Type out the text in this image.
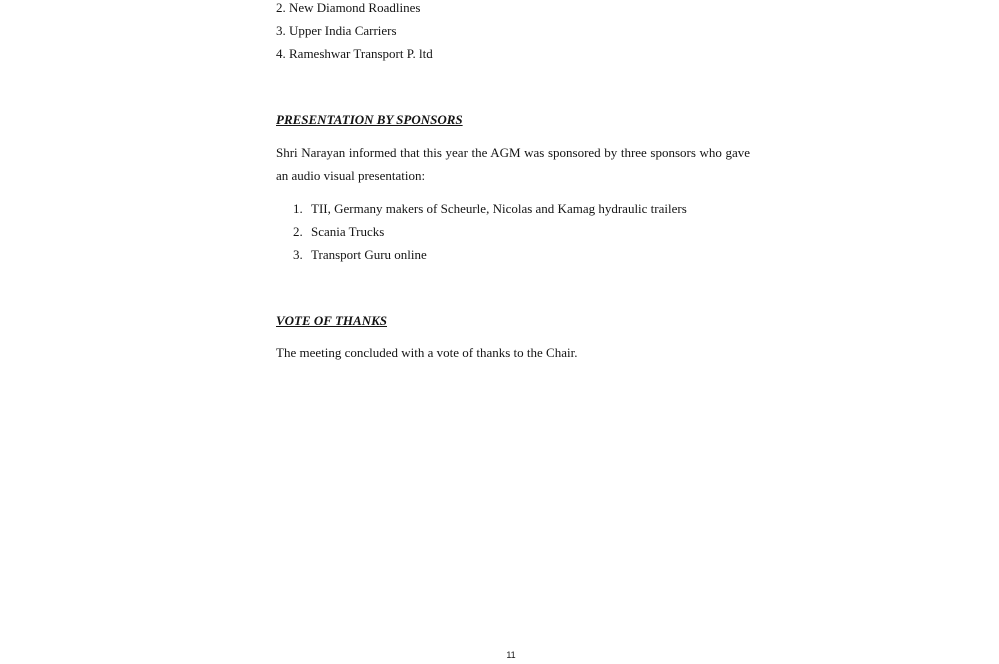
2. New Diamond Roadlines
3. Upper India Carriers
4. Rameshwar Transport P. ltd
PRESENTATION BY SPONSORS
Shri Narayan informed that this year the AGM was sponsored by three sponsors who gave an audio visual presentation:
1. TII, Germany makers of Scheurle, Nicolas and Kamag hydraulic trailers
2. Scania Trucks
3. Transport Guru online
VOTE OF THANKS
The meeting concluded with a vote of thanks to the Chair.
11
